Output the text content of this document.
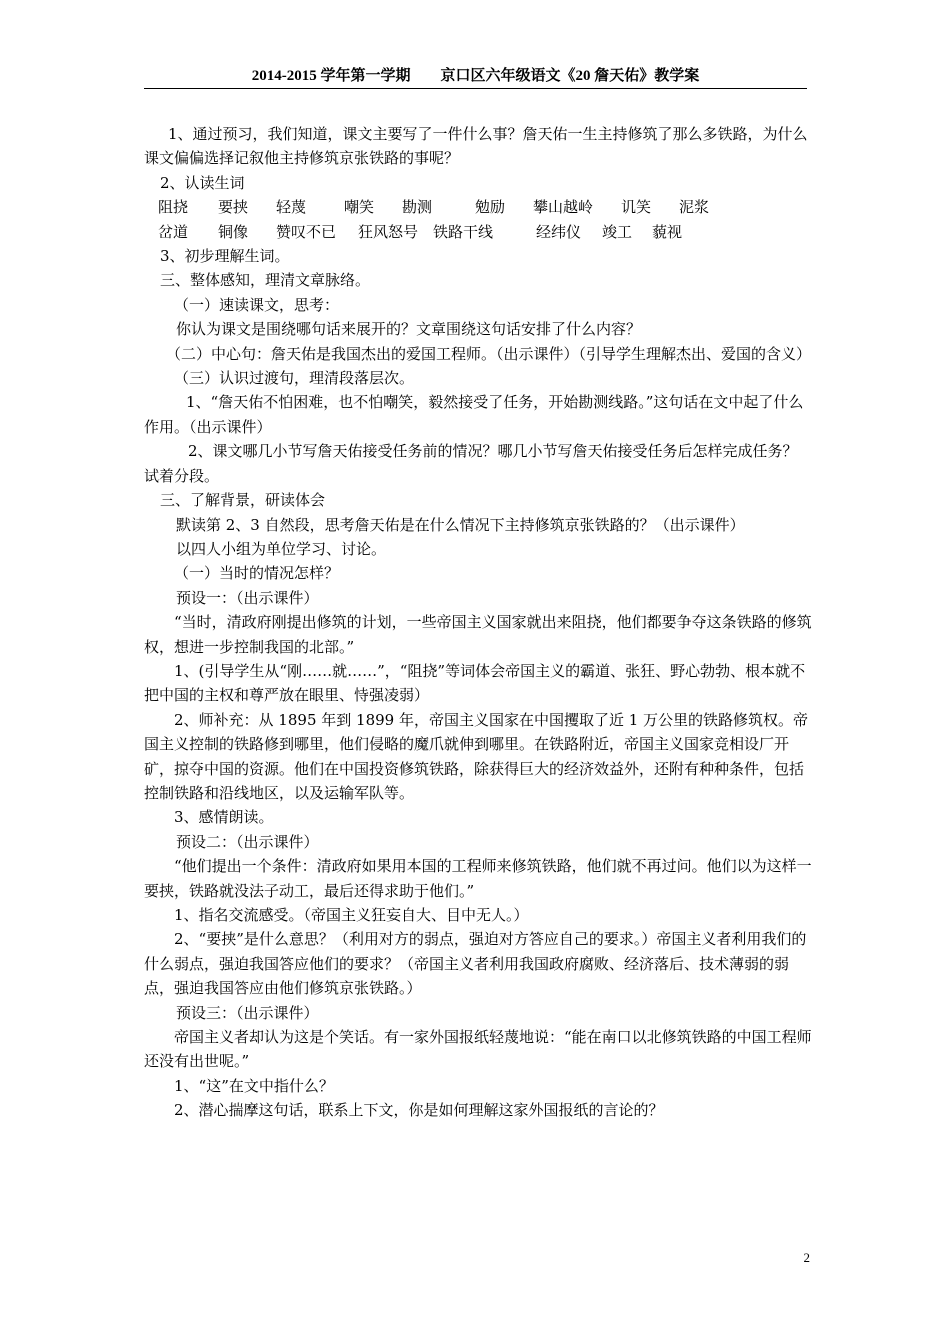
2014-2015 学年第一学期　　京口区六年级语文《20 詹天佑》教学案

1、通过预习，我们知道，课文主要写了一件什么事？詹天佑一生主持修筑了那么多铁路，为什么课文偏偏选择记叙他主持修筑京张铁路的事呢？

2、认读生词

阻挠	要挟	轻蔑	嘲笑	勘测	勉励	攀山越岭	讥笑	泥浆
岔道	铜像	赞叹不已	狂风怒号 铁路干线	经纬仪	竣工	藐视

3、初步理解生词。

三、整体感知，理清文章脉络。

（一）速读课文，思考：

你认为课文是围绕哪句话来展开的？文章围绕这句话安排了什么内容？

（二）中心句：詹天佑是我国杰出的爱国工程师。（出示课件）（引导学生理解杰出、爱国的含义）

（三）认识过渡句，理清段落层次。

1、“詹天佑不怕困难，也不怕嘲笑，毅然接受了任务，开始勘测线路。”这句话在文中起了什么作用。（出示课件）

2、课文哪几小节写詹天佑接受任务前的情况？哪几小节写詹天佑接受任务后怎样完成任务？试着分段。

三、了解背景，研读体会

默读第 2、3 自然段，思考詹天佑是在什么情况下主持修筑京张铁路的？（出示课件）

以四人小组为单位学习、讨论。

（一）当时的情况怎样？

预设一：（出示课件）

“当时，清政府刚提出修筑的计划，一些帝国主义国家就出来阻挠，他们都要争夺这条铁路的修筑权，想进一步控制我国的北部。”

1、(引导学生从“刚……就……”，“阻挠”等词体会帝国主义的霸道、张狂、野心勃勃、根本就不把中国的主权和尊严放在眼里、恃强凌弱）

2、师补充：从 1895 年到 1899 年，帝国主义国家在中国攫取了近 1 万公里的铁路修筑权。帝国主义控制的铁路修到哪里，他们侵略的魔爪就伸到哪里。在铁路附近，帝国主义国家竞相设厂开矿，掠夺中国的资源。他们在中国投资修筑铁路，除获得巨大的经济效益外，还附有种种条件，包括控制铁路和沿线地区，以及运输军队等。

3、感情朗读。

预设二：（出示课件）

“他们提出一个条件：清政府如果用本国的工程师来修筑铁路，他们就不再过问。他们以为这样一要挟，铁路就没法子动工，最后还得求助于他们。”

1、指名交流感受。（帝国主义狂妄自大、目中无人。）

2、“要挟”是什么意思？（利用对方的弱点，强迫对方答应自己的要求。）帝国主义者利用我们的什么弱点，强迫我国答应他们的要求？（帝国主义者利用我国政府腐败、经济落后、技术薄弱的弱点，强迫我国答应由他们修筑京张铁路。）

预设三：（出示课件）

帝国主义者却认为这是个笑话。有一家外国报纸轻蔑地说：“能在南口以北修筑铁路的中国工程师还没有出世呢。”

1、“这”在文中指什么？

2、潜心揣摩这句话，联系上下文，你是如何理解这家外国报纸的言论的？

2
